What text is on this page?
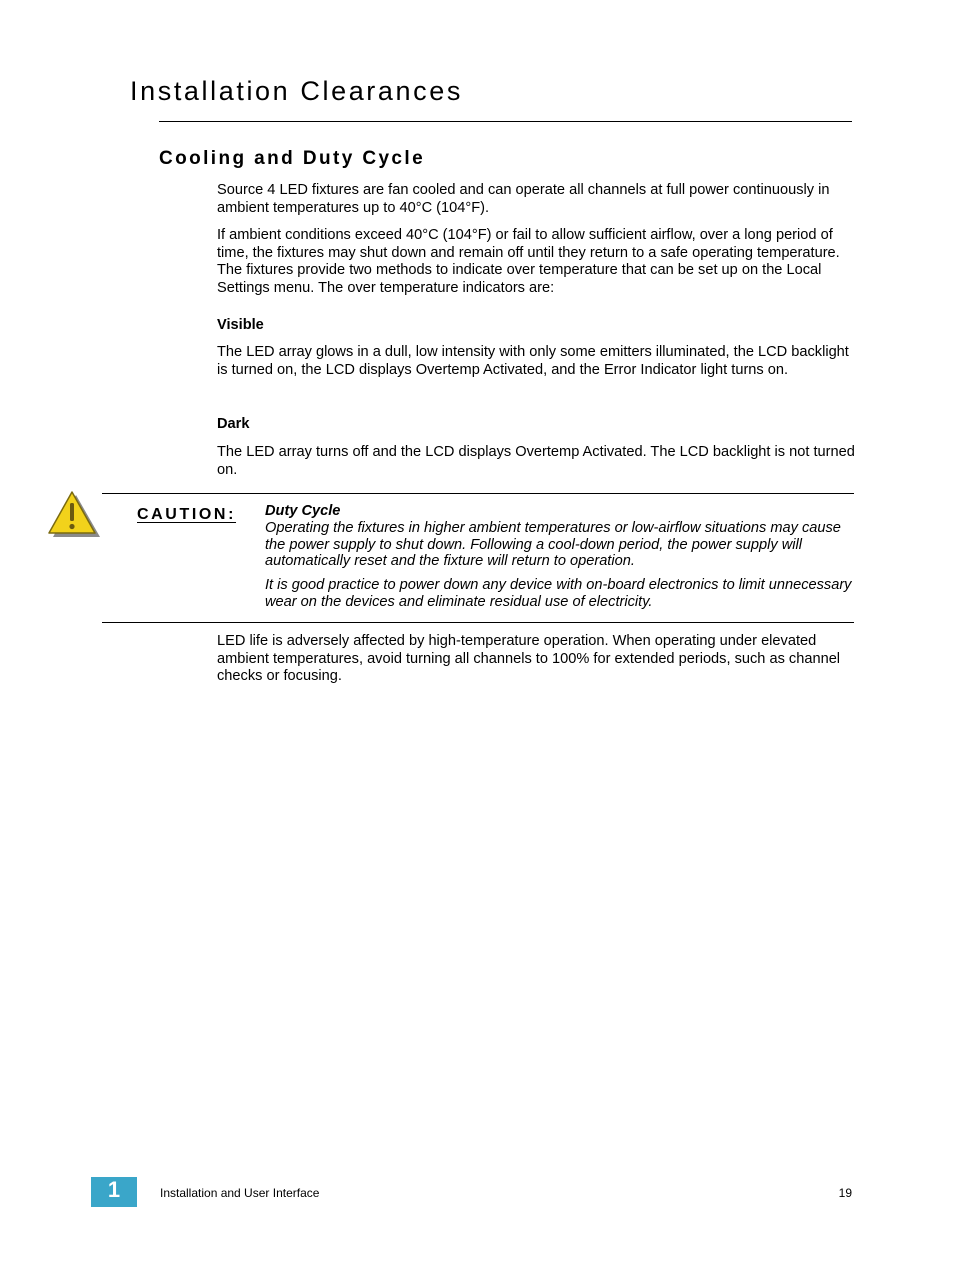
Installation Clearances
Cooling and Duty Cycle

Source 4 LED fixtures are fan cooled and can operate all channels at full power continuously in ambient temperatures up to 40°C (104°F).

If ambient conditions exceed 40°C (104°F) or fail to allow sufficient airflow, over a long period of time, the fixtures may shut down and remain off until they return to a safe operating temperature. The fixtures provide two methods to indicate over temperature that can be set up on the Local Settings menu. The over temperature indicators are:

Visible

The LED array glows in a dull, low intensity with only some emitters illuminated, the LCD backlight is turned on, the LCD displays Overtemp Activated, and the Error Indicator light turns on.

Dark

The LED array turns off and the LCD displays Overtemp Activated. The LCD backlight is not turned on.

CAUTION: Duty Cycle

Operating the fixtures in higher ambient temperatures or low-airflow situations may cause the power supply to shut down. Following a cool-down period, the power supply will automatically reset and the fixture will return to operation.

It is good practice to power down any device with on-board electronics to limit unnecessary wear on the devices and eliminate residual use of electricity.

LED life is adversely affected by high-temperature operation. When operating under elevated ambient temperatures, avoid turning all channels to 100% for extended periods, such as channel checks or focusing.

1	Installation and User Interface	19
